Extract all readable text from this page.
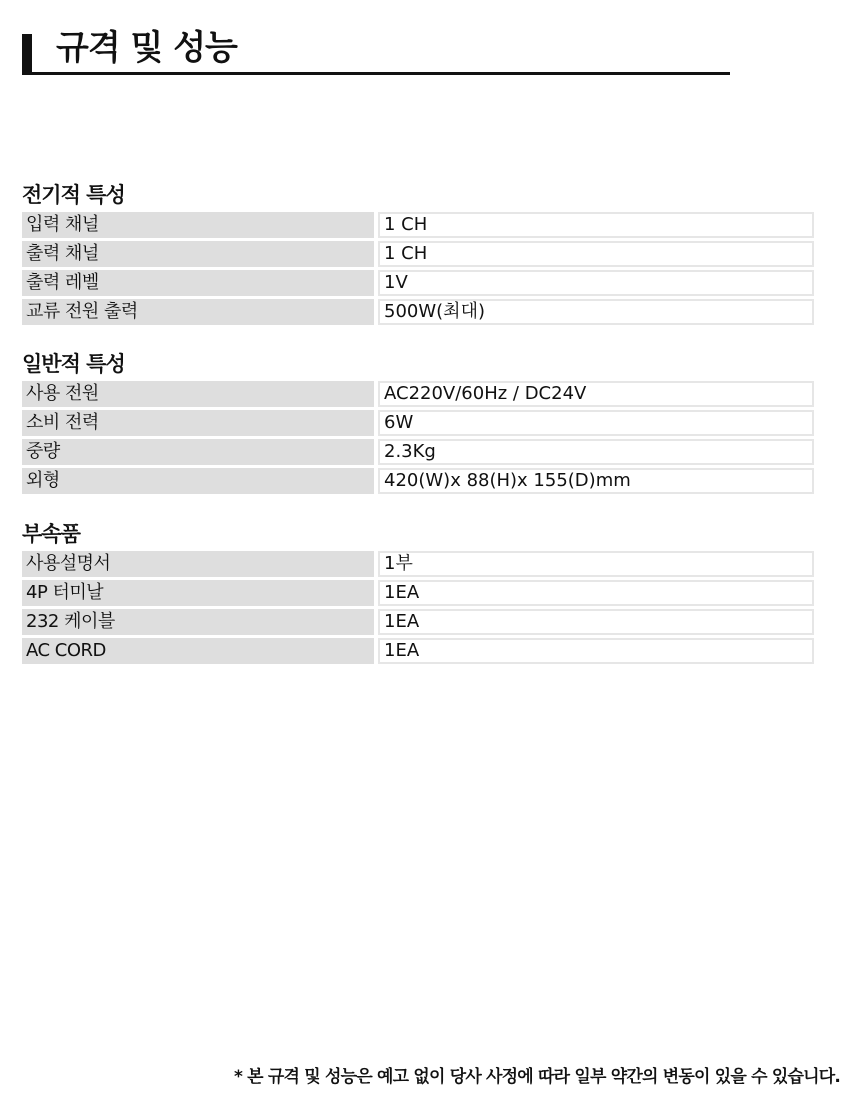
규격 및 성능
전기적 특성
입력 채널	1 CH
출력 채널	1 CH
출력 레벨	1V
교류 전원 출력	500W(최대)
일반적 특성
사용 전원	AC220V/60Hz / DC24V
소비 전력	6W
중량	2.3Kg
외형	420(W)x 88(H)x 155(D)mm
부속품
사용설명서	1부
4P 터미날	1EA
232 케이블	1EA
AC CORD	1EA
* 본 규격 및 성능은 예고 없이 당사 사정에 따라 일부 약간의 변동이 있을 수 있습니다.
